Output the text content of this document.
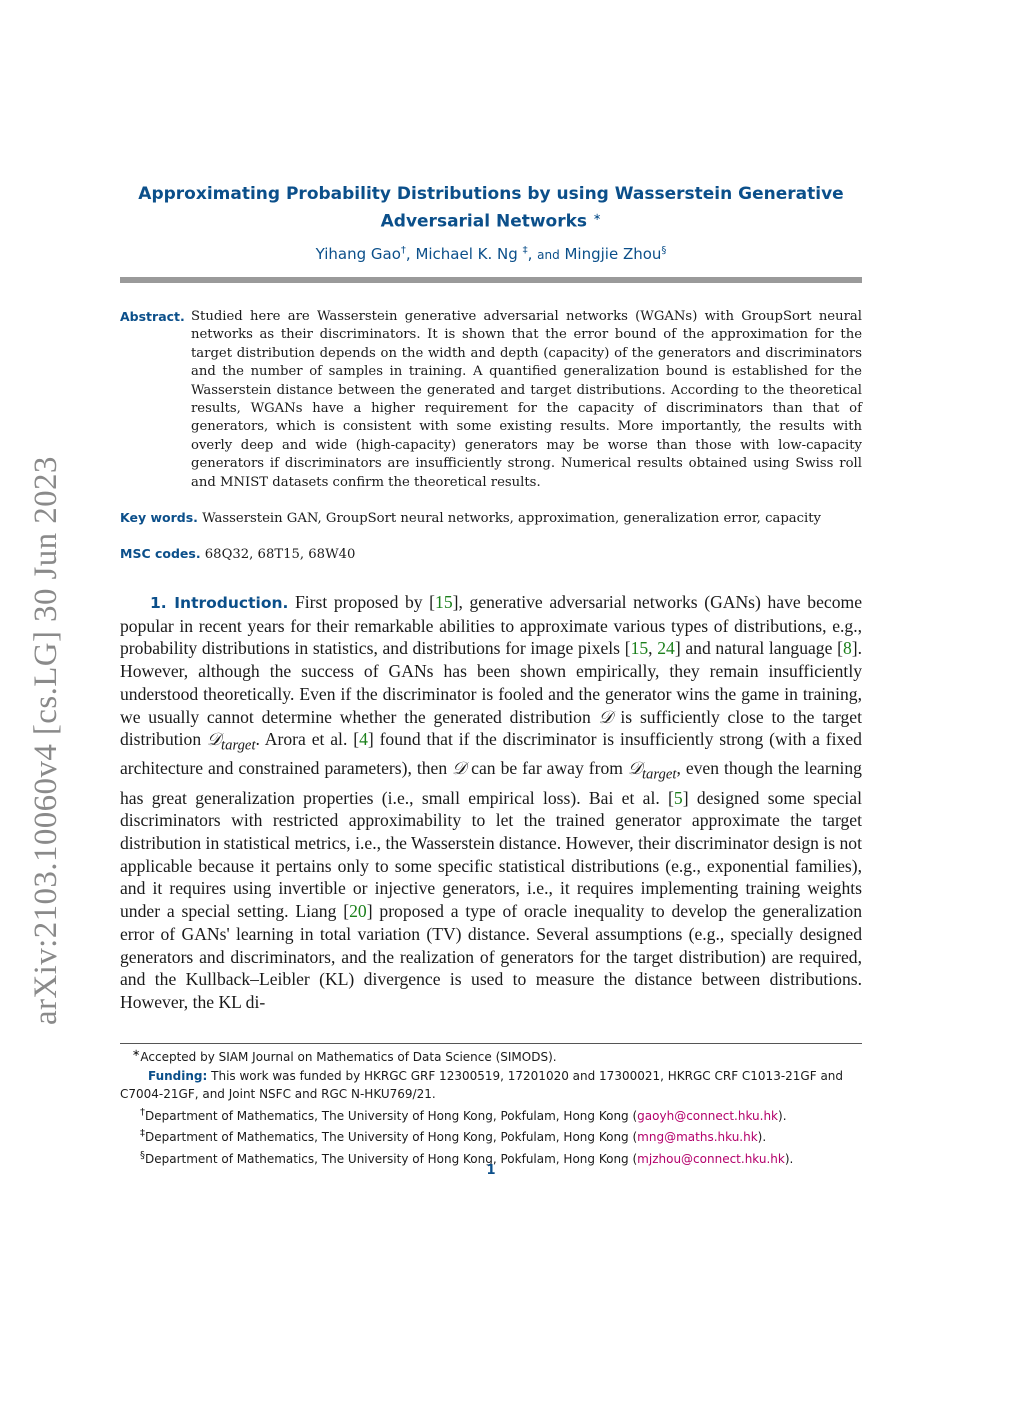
arXiv:2103.10060v4 [cs.LG] 30 Jun 2023
Approximating Probability Distributions by using Wasserstein Generative
Adversarial Networks ∗
Yihang Gao†, Michael K. Ng ‡, and Mingjie Zhou§
Abstract. Studied here are Wasserstein generative adversarial networks (WGANs) with GroupSort neural networks as their discriminators. It is shown that the error bound of the approximation for the target distribution depends on the width and depth (capacity) of the generators and discriminators and the number of samples in training. A quantified generalization bound is established for the Wasserstein distance between the generated and target distributions. According to the theoretical results, WGANs have a higher requirement for the capacity of discriminators than that of generators, which is consistent with some existing results. More importantly, the results with overly deep and wide (high-capacity) generators may be worse than those with low-capacity generators if discriminators are insufficiently strong. Numerical results obtained using Swiss roll and MNIST datasets confirm the theoretical results.
Key words. Wasserstein GAN, GroupSort neural networks, approximation, generalization error, capacity
MSC codes. 68Q32, 68T15, 68W40
1. Introduction. First proposed by [15], generative adversarial networks (GANs) have become popular in recent years for their remarkable abilities to approximate various types of distributions, e.g., probability distributions in statistics, and distributions for image pixels [15, 24] and natural language [8]. However, although the success of GANs has been shown empirically, they remain insufficiently understood theoretically. Even if the discriminator is fooled and the generator wins the game in training, we usually cannot determine whether the generated distribution 𝒟 is sufficiently close to the target distribution 𝒟$_{target}$. Arora et al. [4] found that if the discriminator is insufficiently strong (with a fixed architecture and constrained parameters), then 𝒟 can be far away from 𝒟$_{target}$, even though the learning has great generalization properties (i.e., small empirical loss). Bai et al. [5] designed some special discriminators with restricted approximability to let the trained generator approximate the target distribution in statistical metrics, i.e., the Wasserstein distance. However, their discriminator design is not applicable because it pertains only to some specific statistical distributions (e.g., exponential families), and it requires using invertible or injective generators, i.e., it requires implementing training weights under a special setting. Liang [20] proposed a type of oracle inequality to develop the generalization error of GANs' learning in total variation (TV) distance. Several assumptions (e.g., specially designed generators and discriminators, and the realization of generators for the target distribution) are required, and the Kullback–Leibler (KL) divergence is used to measure the distance between distributions. However, the KL di-
∗Accepted by SIAM Journal on Mathematics of Data Science (SIMODS).
Funding: This work was funded by HKRGC GRF 12300519, 17201020 and 17300021, HKRGC CRF C1013-21GF and C7004-21GF, and Joint NSFC and RGC N-HKU769/21.
†Department of Mathematics, The University of Hong Kong, Pokfulam, Hong Kong (gaoyh@connect.hku.hk).
‡Department of Mathematics, The University of Hong Kong, Pokfulam, Hong Kong (mng@maths.hku.hk).
§Department of Mathematics, The University of Hong Kong, Pokfulam, Hong Kong (mjzhou@connect.hku.hk).
1
